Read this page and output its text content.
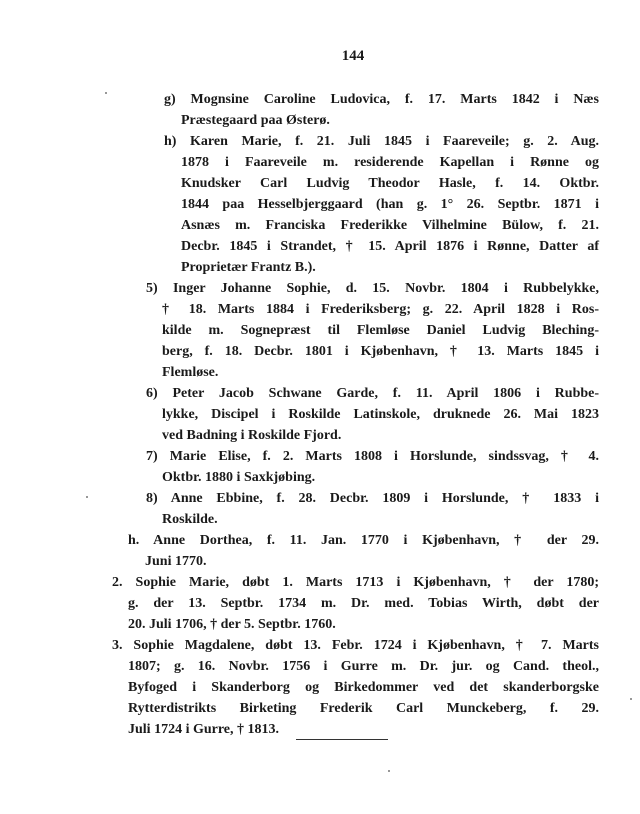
144
g) Mognsine Caroline Ludovica, f. 17. Marts 1842 i Næs
Præstegaard paa Østerø.
h) Karen Marie, f. 21. Juli 1845 i Faareveile; g. 2. Aug.
1878 i Faareveile m. residerende Kapellan i Rønne og
Knudsker Carl Ludvig Theodor Hasle, f. 14. Oktbr.
1844 paa Hesselbjerggaard (han g. 1° 26. Septbr. 1871 i
Asnæs m. Franciska Frederikke Vilhelmine Bülow, f. 21.
Decbr. 1845 i Strandet, † 15. April 1876 i Rønne, Datter af
Proprietær Frantz B.).
5) Inger Johanne Sophie, d. 15. Novbr. 1804 i Rubbelykke,
† 18. Marts 1884 i Frederiksberg; g. 22. April 1828 i Ros-
kilde m. Sognepræst til Flemløse Daniel Ludvig Bleching-
berg, f. 18. Decbr. 1801 i Kjøbenhavn, † 13. Marts 1845 i
Flemløse.
6) Peter Jacob Schwane Garde, f. 11. April 1806 i Rubbe-
lykke, Discipel i Roskilde Latinskole, druknede 26. Mai 1823
ved Badning i Roskilde Fjord.
7) Marie Elise, f. 2. Marts 1808 i Horslunde, sindssvag, † 4.
Oktbr. 1880 i Saxkjøbing.
8) Anne Ebbine, f. 28. Decbr. 1809 i Horslunde, † 1833 i
Roskilde.
h. Anne Dorthea, f. 11. Jan. 1770 i Kjøbenhavn, † der 29.
Juni 1770.
2. Sophie Marie, døbt 1. Marts 1713 i Kjøbenhavn, † der 1780;
g. der 13. Septbr. 1734 m. Dr. med. Tobias Wirth, døbt der
20. Juli 1706, † der 5. Septbr. 1760.
3. Sophie Magdalene, døbt 13. Febr. 1724 i Kjøbenhavn, † 7. Marts
1807; g. 16. Novbr. 1756 i Gurre m. Dr. jur. og Cand. theol.,
Byfoged i Skanderborg og Birkedommer ved det skanderborgske
Rytterdistrikts Birketing Frederik Carl Munckeberg, f. 29.
Juli 1724 i Gurre, † 1813.
